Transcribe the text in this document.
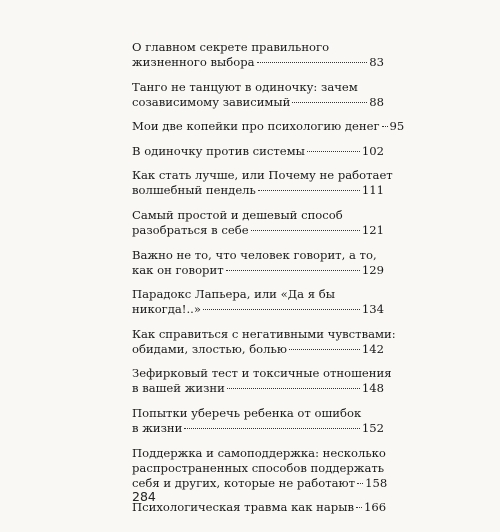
О главном секрете правильного
жизненного выбора	83
Танго не танцуют в одиночку: зачем
созависимому зависимый	88
Мои две копейки про психологию денег 95
В одиночку против системы	102
Как стать лучше, или Почему не работает
волшебный пендель	111
Самый простой и дешевый способ
разобраться в себе	121
Важно не то, что человек говорит, а то,
как он говорит	129
Парадокс Лапьера, или «Да я бы
никогда!..»	134
Как справиться с негативными чувствами:
обидами, злостью, болью	142
Зефирковый тест и токсичные отношения
в вашей жизни	148
Попытки уберечь ребенка от ошибок
в жизни	152
Поддержка и самоподдержка: несколько
распространенных способов поддержать
себя и других, которые не работают 158
Психологическая травма как нарыв 166
284
